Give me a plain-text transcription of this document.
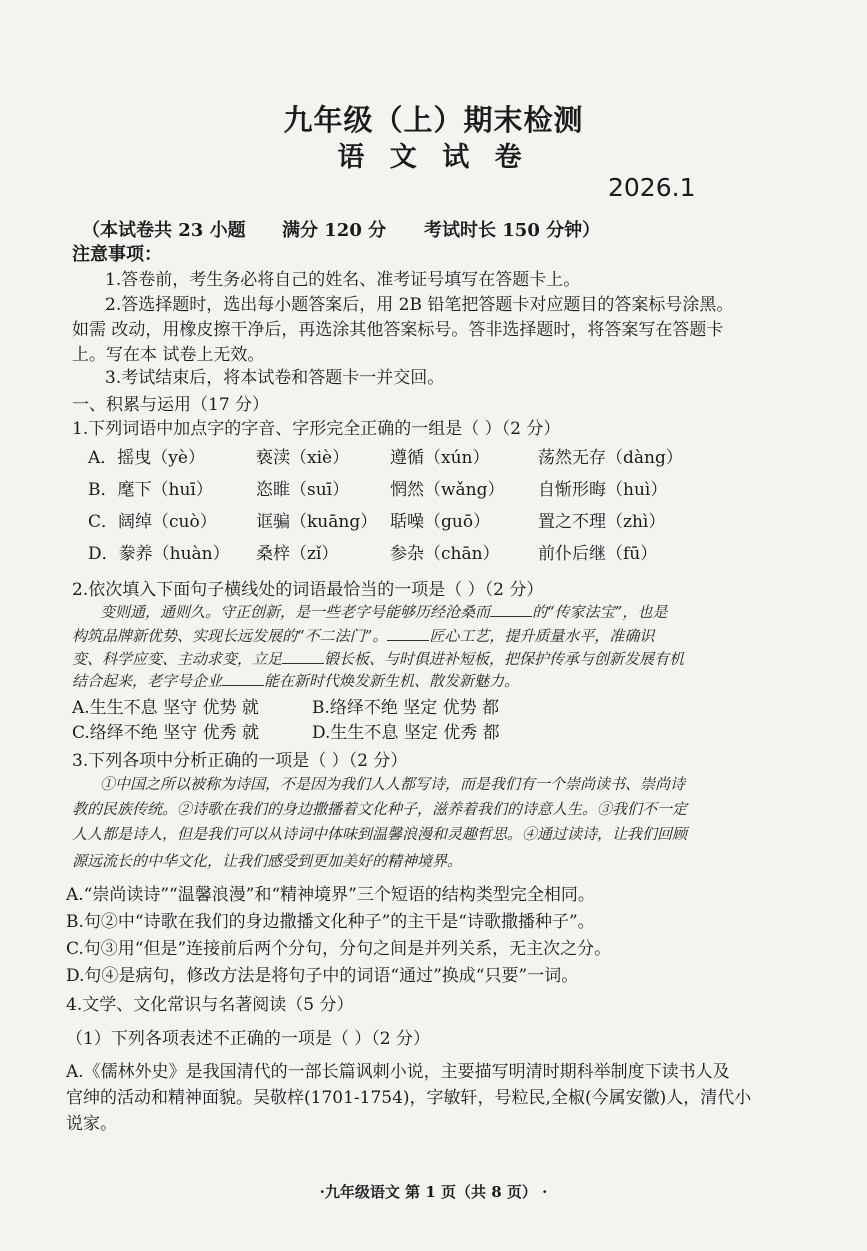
九年级（上）期末检测
语 文 试 卷
2026.1
（本试卷共 23 小题 满分 120 分 考试时长 150 分钟）
注意事项：
1.答卷前，考生务必将自己的姓名、准考证号填写在答题卡上。
2.答选择题时，选出每小题答案后，用 2B 铅笔把答题卡对应题目的答案标号涂黑。
如需 改动，用橡皮擦干净后，再选涂其他答案标号。答非选择题时，将答案写在答题卡
上。写在本 试卷上无效。
3.考试结束后，将本试卷和答题卡一并交回。
一、积累与运用（17 分）
1.下列词语中加点字的字音、字形完全正确的一组是（ ）（2 分）
A．摇曳（yè）	亵渎（xiè） 遵循（xún）	荡然无存（dàng）
B．麾下（huī）	恣睢（suī） 惘然（wǎng） 自惭形晦（huì）
C．阔绰（cuò） 诓骗（kuāng） 聒噪（guō）	置之不理（zhì）
D．豢养（huàn） 桑梓（zǐ）	参杂（chān） 前仆后继（fū）
2.依次填入下面句子横线处的词语最恰当的一项是（ ）（2 分）
变则通，通则久。守正创新，是一些老字号能够历经沧桑而	的“传家法宝”，也是
构筑品牌新优势、实现长远发展的“不二法门”。	匠心工艺，提升质量水平，准确识
变、科学应变、主动求变，立足	锻长板、与时俱进补短板，把保护传承与创新发展有机
结合起来，老字号企业	能在新时代焕发新生机、散发新魅力。
A.生生不息 坚守 优势 就	B.络绎不绝 坚定 优势 都
C.络绎不绝 坚守 优秀 就	D.生生不息 坚定 优秀 都
3.下列各项中分析正确的一项是（ ）（2 分）
①中国之所以被称为诗国，不是因为我们人人都写诗，而是我们有一个崇尚读书、崇尚诗
教的民族传统。②诗歌在我们的身边撒播着文化种子，滋养着我们的诗意人生。③我们不一定
人人都是诗人，但是我们可以从诗词中体味到温馨浪漫和灵趣哲思。④通过读诗，让我们回顾
源远流长的中华文化，让我们感受到更加美好的精神境界。
A.“崇尚读诗”“温馨浪漫”和“精神境界”三个短语的结构类型完全相同。
B.句②中“诗歌在我们的身边撒播文化种子”的主干是“诗歌撒播种子”。
C.句③用“但是”连接前后两个分句，分句之间是并列关系，无主次之分。
D.句④是病句，修改方法是将句子中的词语“通过”换成“只要”一词。
4.文学、文化常识与名著阅读（5 分）
（1）下列各项表述不正确的一项是（ ）（2 分）
A.《儒林外史》是我国清代的一部长篇讽刺小说，主要描写明清时期科举制度下读书人及
官绅的活动和精神面貌。吴敬梓(1701-1754)，字敏轩，号粒民,全椒(今属安徽)人，清代小
说家。
·九年级语文 第 1 页（共 8 页） ·
